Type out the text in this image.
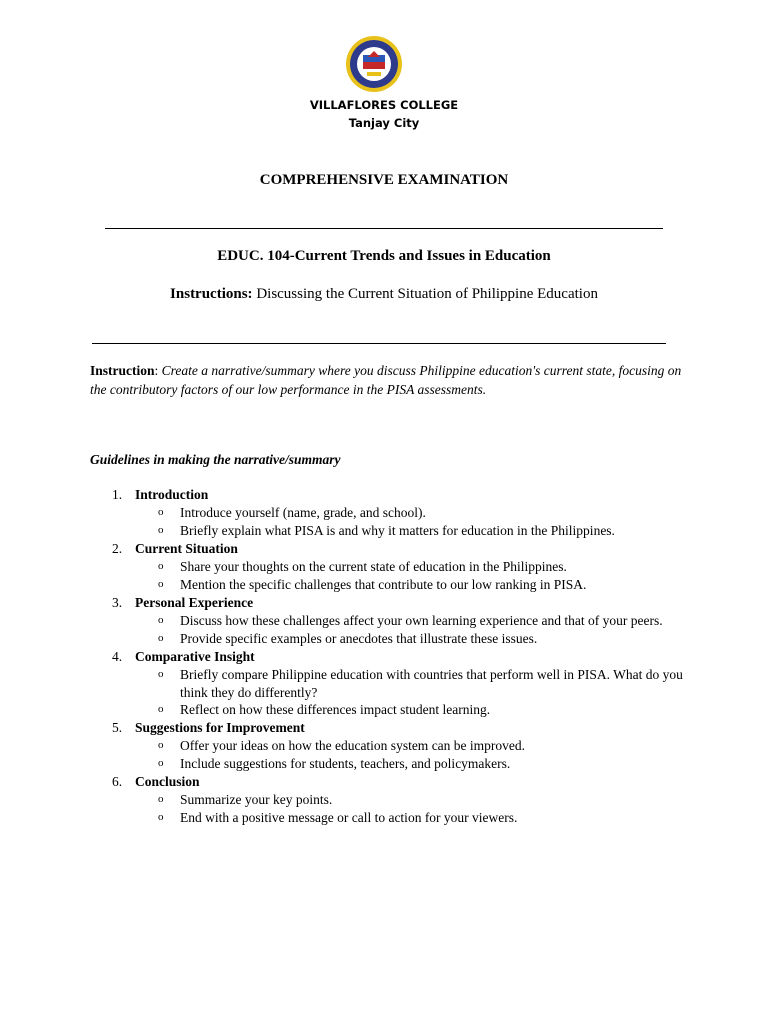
VILLAFLORES COLLEGE
Tanjay City
COMPREHENSIVE EXAMINATION
EDUC. 104-Current Trends and Issues in Education
Instructions: Discussing the Current Situation of Philippine Education
Instruction: Create a narrative/summary where you discuss Philippine education's current state, focusing on the contributory factors of our low performance in the PISA assessments.
Guidelines in making the narrative/summary
1. Introduction
o Introduce yourself (name, grade, and school).
o Briefly explain what PISA is and why it matters for education in the Philippines.
2. Current Situation
o Share your thoughts on the current state of education in the Philippines.
o Mention the specific challenges that contribute to our low ranking in PISA.
3. Personal Experience
o Discuss how these challenges affect your own learning experience and that of your peers.
o Provide specific examples or anecdotes that illustrate these issues.
4. Comparative Insight
o Briefly compare Philippine education with countries that perform well in PISA. What do you think they do differently?
o Reflect on how these differences impact student learning.
5. Suggestions for Improvement
o Offer your ideas on how the education system can be improved.
o Include suggestions for students, teachers, and policymakers.
6. Conclusion
o Summarize your key points.
o End with a positive message or call to action for your viewers.
